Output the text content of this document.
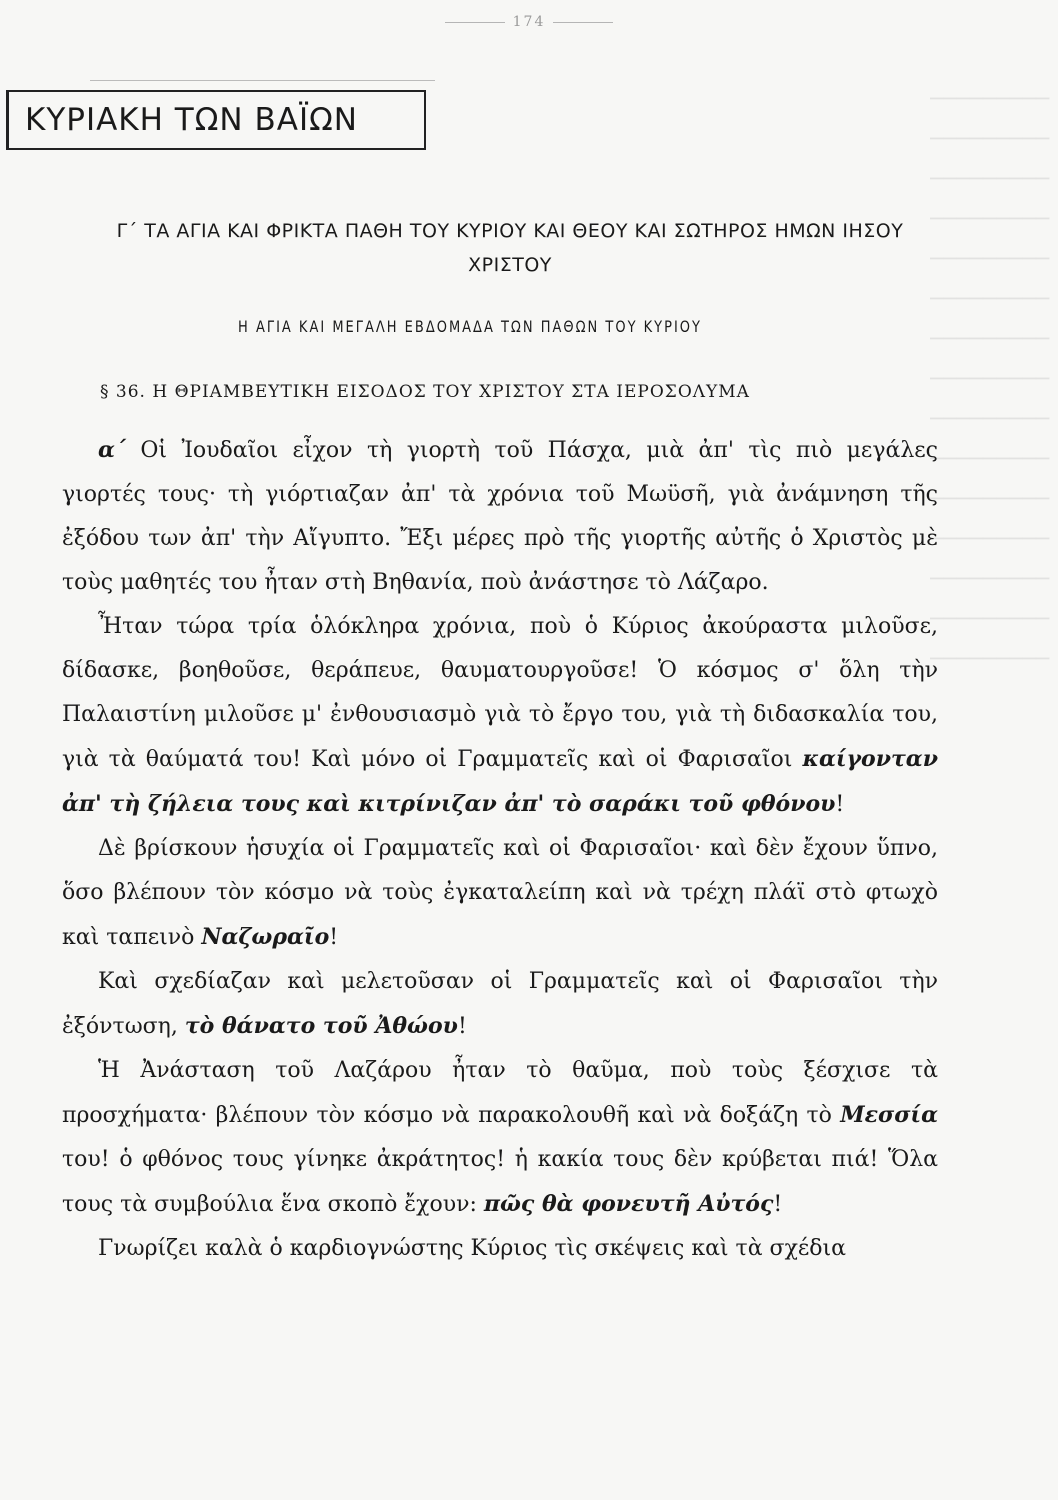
174
─────────
─────────
─────────
─────────
─────────
─────────
─────────
─────────
─────────
─────────
─────────
─────────
─────────
─────────
─────────
ΚΥΡΙΑΚΗ ΤΩΝ ΒΑΪΩΝ
Γ΄ ΤΑ ΑΓΙΑ ΚΑΙ ΦΡΙΚΤΑ ΠΑΘΗ ΤΟΥ ΚΥΡΙΟΥ ΚΑΙ ΘΕΟΥ ΚΑΙ ΣΩΤΗΡΟΣ ΗΜΩΝ ΙΗΣΟΥ ΧΡΙΣΤΟΥ
Η ΑΓΙΑ ΚΑΙ ΜΕΓΑΛΗ ΕΒΔΟΜΑΔΑ ΤΩΝ ΠΑΘΩΝ ΤΟΥ ΚΥΡΙΟΥ
§ 36. Η ΘΡΙΑΜΒΕΥΤΙΚΗ ΕΙΣΟΔΟΣ ΤΟΥ ΧΡΙΣΤΟΥ ΣΤΑ ΙΕΡΟΣΟΛΥΜΑ

α΄ Οἱ Ἰουδαῖοι εἶχον τὴ γιορτὴ τοῦ Πάσχα, μιὰ ἀπ' τὶς πιὸ μεγάλες γιορτές τους· τὴ γιόρτιαζαν ἀπ' τὰ χρόνια τοῦ Μωϋσῆ, γιὰ ἀνάμνηση τῆς ἐξόδου των ἀπ' τὴν Αἴγυπτο. Ἔξι μέρες πρὸ τῆς γιορτῆς αὐτῆς ὁ Χριστὸς μὲ τοὺς μαθητές του ἦταν στὴ Βηθανία, ποὺ ἀνάστησε τὸ Λάζαρο.

Ἦταν τώρα τρία ὁλόκληρα χρόνια, ποὺ ὁ Κύριος ἀκούραστα μιλοῦσε, δίδασκε, βοηθοῦσε, θεράπευε, θαυματουργοῦσε! Ὁ κόσμος σ' ὅλη τὴν Παλαιστίνη μιλοῦσε μ' ἐνθουσιασμὸ γιὰ τὸ ἔργο του, γιὰ τὴ διδασκαλία του, γιὰ τὰ θαύματά του! Καὶ μόνο οἱ Γραμματεῖς καὶ οἱ Φαρισαῖοι καίγονταν ἀπ' τὴ ζήλεια τους καὶ κιτρίνιζαν ἀπ' τὸ σαράκι τοῦ φθόνου!

Δὲ βρίσκουν ἡσυχία οἱ Γραμματεῖς καὶ οἱ Φαρισαῖοι· καὶ δὲν ἔχουν ὕπνο, ὅσο βλέπουν τὸν κόσμο νὰ τοὺς ἐγκαταλείπη καὶ νὰ τρέχη πλάϊ στὸ φτωχὸ καὶ ταπεινὸ Ναζωραῖο!

Καὶ σχεδίαζαν καὶ μελετοῦσαν οἱ Γραμματεῖς καὶ οἱ Φαρισαῖοι τὴν ἐξόντωση, τὸ θάνατο τοῦ Ἀθώου!

Ἡ Ἀνάσταση τοῦ Λαζάρου ἦταν τὸ θαῦμα, ποὺ τοὺς ξέσχισε τὰ προσχήματα· βλέπουν τὸν κόσμο νὰ παρακολουθῆ καὶ νὰ δοξάζη τὸ Μεσσία του! ὁ φθόνος τους γίνηκε ἀκράτητος! ἡ κακία τους δὲν κρύβεται πιά! Ὅλα τους τὰ συμβούλια ἕνα σκοπὸ ἔχουν: πῶς θὰ φονευτῆ Αὐτός!

Γνωρίζει καλὰ ὁ καρδιογνώστης Κύριος τὶς σκέψεις καὶ τὰ σχέδια
